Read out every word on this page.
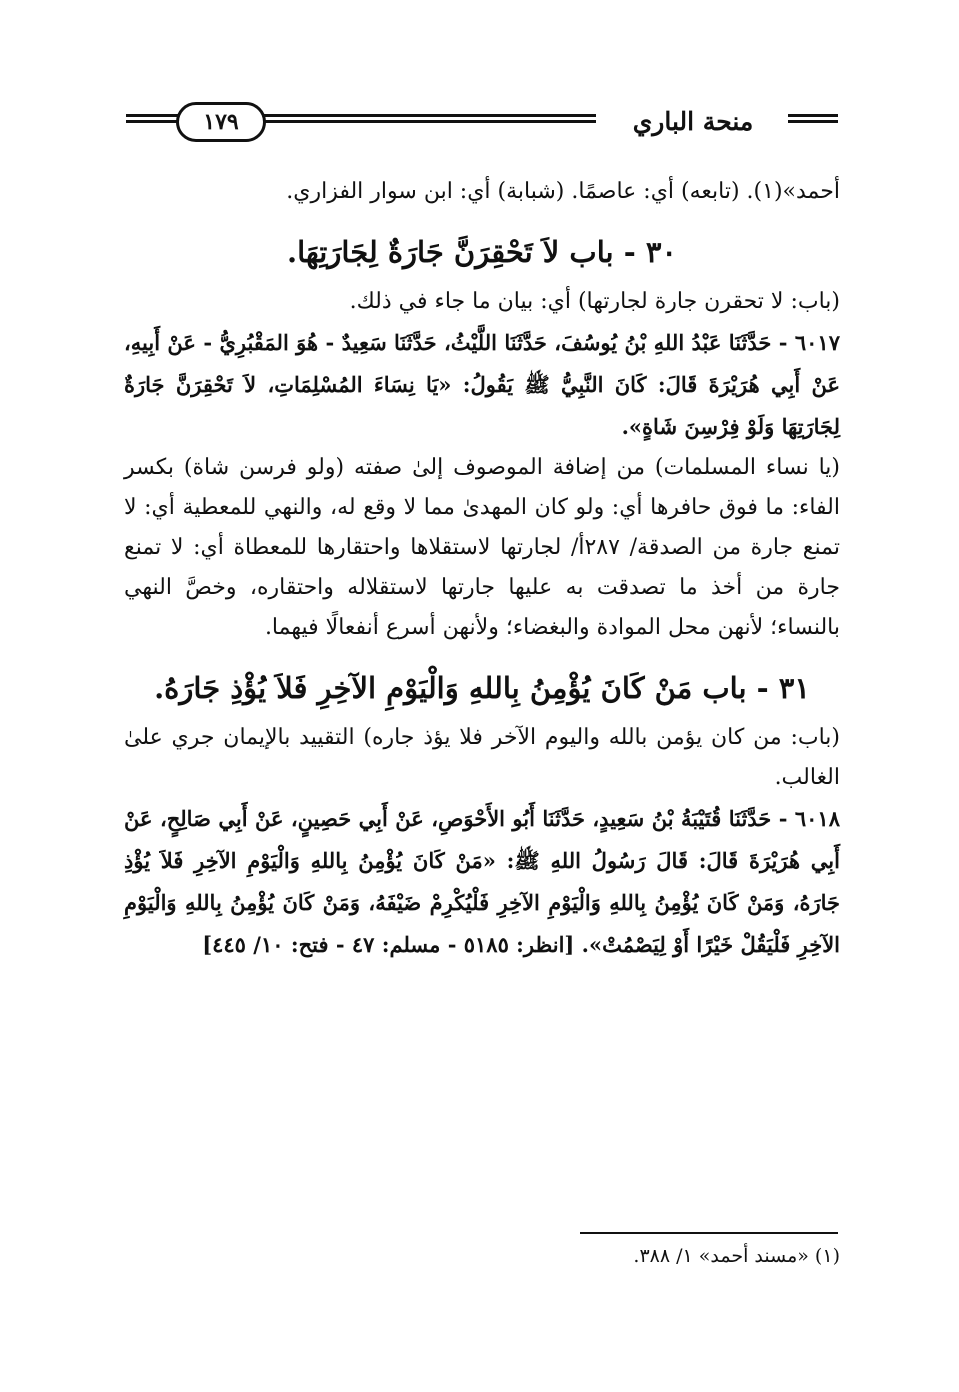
١٧٩	منحة الباري

أحمد»(١). (تابعه) أي: عاصمًا. (شبابة) أي: ابن سوار الفزاري.

٣٠ - باب لاَ تَحْقِرَنَّ جَارَةٌ لِجَارَتِهَا.

(باب: لا تحقرن جارة لجارتها) أي: بيان ما جاء في ذلك.

٦٠١٧ - حَدَّثَنَا عَبْدُ اللهِ بْنُ يُوسُفَ، حَدَّثَنَا اللَّيْثُ، حَدَّثَنَا سَعِيدٌ - هُوَ المَقْبُرِيُّ - عَنْ أَبِيهِ، عَنْ أَبِي هُرَيْرَةَ قَالَ: كَانَ النَّبِيُّ ﷺ يَقُولُ: «يَا نِسَاءَ المُسْلِمَاتِ، لاَ تَحْقِرَنَّ جَارَةٌ لِجَارَتِهَا وَلَوْ فِرْسِنَ شَاةٍ».

(يا نساء المسلمات) من إضافة الموصوف إلىٰ صفته (ولو فرسن شاة) بكسر الفاء: ما فوق حافرها أي: ولو كان المهدىٰ مما لا وقع له، والنهي للمعطية أي: لا تمنع جارة من الصدقة/ ٢٨٧أ/ لجارتها لاستقلاها واحتقارها للمعطاة أي: لا تمنع جارة من أخذ ما تصدقت به عليها جارتها لاستقلاله واحتقاره، وخصَّ النهي بالنساء؛ لأنهن محل الموادة والبغضاء؛ ولأنهن أسرع أنفعالًا فيهما.

٣١ - باب مَنْ كَانَ يُؤْمِنُ بِاللهِ وَالْيَوْمِ الآخِرِ فَلاَ يُؤْذِ جَارَهُ.

(باب: من كان يؤمن بالله واليوم الآخر فلا يؤذ جاره) التقييد بالإيمان جري علىٰ الغالب.

٦٠١٨ - حَدَّثَنَا قُتَيْبَةُ بْنُ سَعِيدٍ، حَدَّثَنَا أَبُو الأَحْوَصِ، عَنْ أَبِي حَصِينٍ، عَنْ أَبِي صَالِحٍ، عَنْ أَبِي هُرَيْرَةَ قَالَ: قَالَ رَسُولُ اللهِ ﷺ: «مَنْ كَانَ يُؤْمِنُ بِاللهِ وَالْيَوْمِ الآخِرِ فَلاَ يُؤْذِ جَارَهُ، وَمَنْ كَانَ يُؤْمِنُ بِاللهِ وَالْيَوْمِ الآخِرِ فَلْيُكْرِمْ ضَيْفَهُ، وَمَنْ كَانَ يُؤْمِنُ بِاللهِ وَالْيَوْمِ الآخِرِ فَلْيَقُلْ خَيْرًا أَوْ لِيَصْمُتْ». [انظر: ٥١٨٥ - مسلم: ٤٧ - فتح: ١٠/ ٤٤٥]

(١) «مسند أحمد» ١/ ٣٨٨.
